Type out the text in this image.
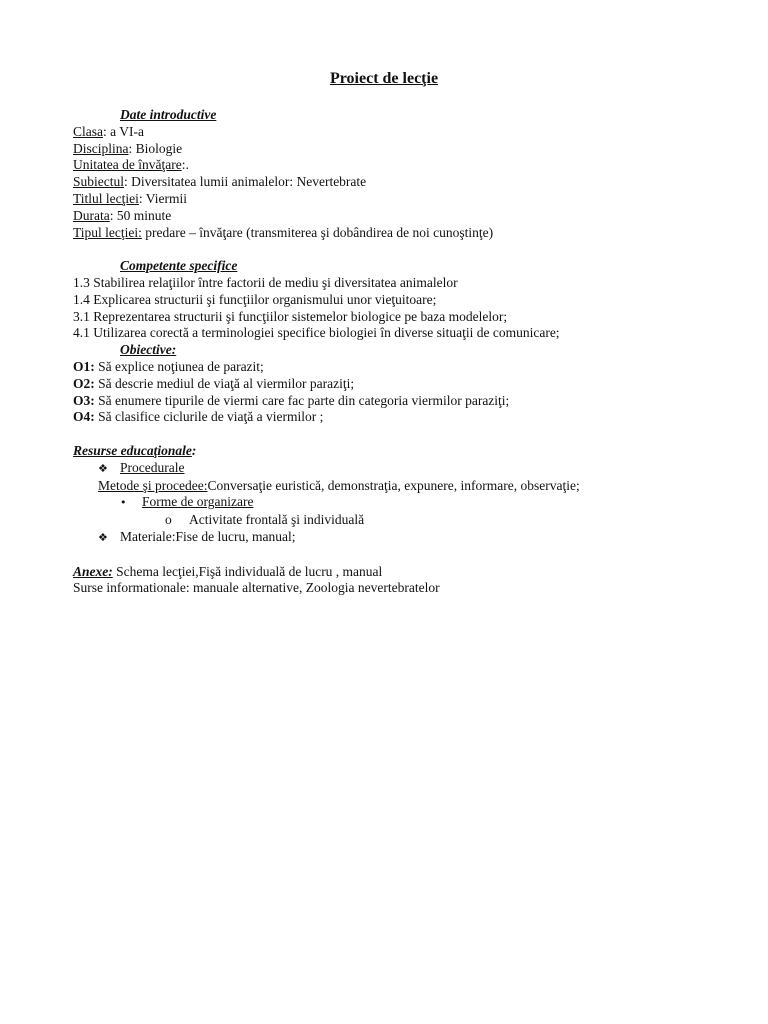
Proiect de lecţie
Date introductive
Clasa: a VI-a
Disciplina: Biologie
Unitatea de învăţare:.
Subiectul: Diversitatea lumii animalelor: Nevertebrate
Titlul lecţiei: Viermii
Durata: 50 minute
Tipul lecţiei: predare – învăţare (transmiterea şi dobândirea de noi cunoştinţe)
Competente specifice
1.3 Stabilirea relaţiilor între factorii de mediu şi diversitatea animalelor
1.4 Explicarea structurii şi funcţiilor organismului unor vieţuitoare;
3.1 Reprezentarea structurii şi funcţiilor sistemelor biologice pe baza modelelor;
4.1 Utilizarea corectă a terminologiei specifice biologiei în diverse situaţii de comunicare;
Obiective:
O1: Să explice noţiunea de parazit;
O2: Să descrie mediul de viaţă al viermilor paraziţi;
O3: Să enumere tipurile de viermi care fac parte din categoria viermilor paraziţi;
O4: Să clasifice ciclurile de viaţă a viermilor ;
Resurse educaţionale:
❖ Procedurale
Metode şi procedee:Conversaţie euristică, demonstraţia, expunere, informare, observaţie;
• Forme de organizare
o Activitate frontală şi individuală
❖ Materiale:Fise de lucru, manual;
Anexe: Schema lecţiei,Fişă individuală de lucru , manual
Surse informationale: manuale alternative, Zoologia nevertebratelor
